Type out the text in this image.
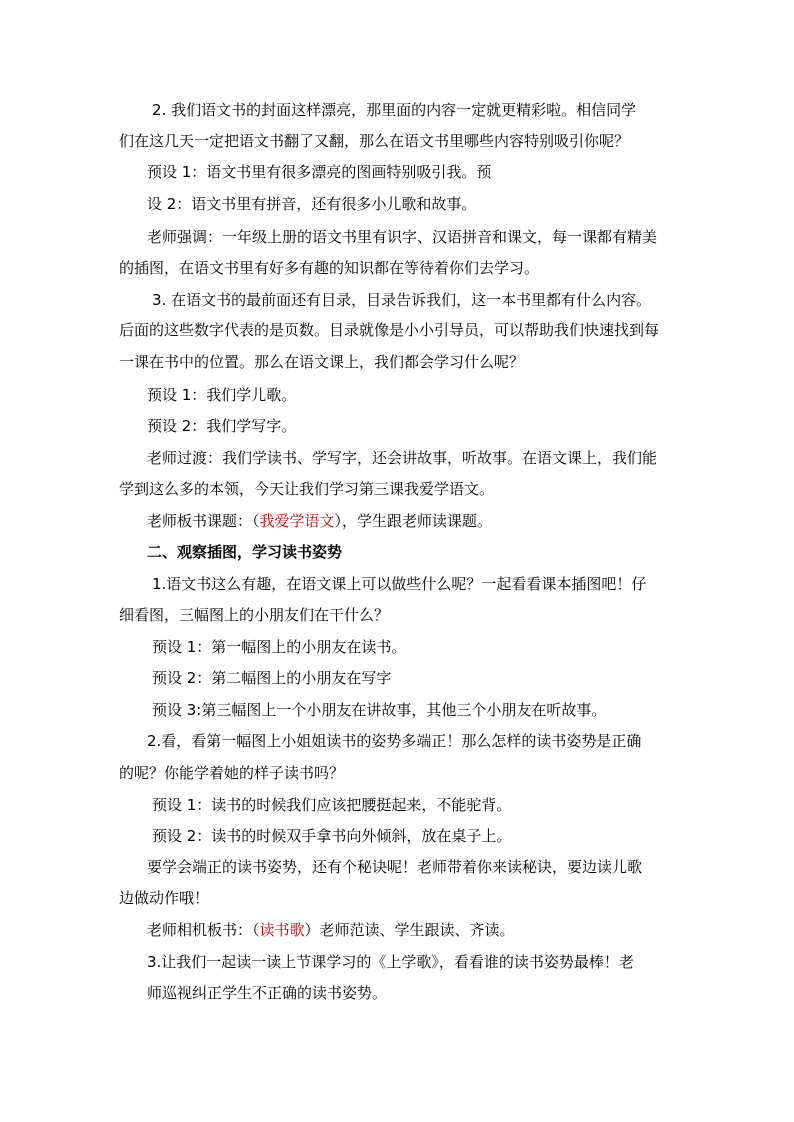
2. 我们语文书的封面这样漂亮，那里面的内容一定就更精彩啦。相信同学
们在这几天一定把语文书翻了又翻，那么在语文书里哪些内容特别吸引你呢？
预设 1：语文书里有很多漂亮的图画特别吸引我。预
设 2：语文书里有拼音，还有很多小儿歌和故事。
老师强调：一年级上册的语文书里有识字、汉语拼音和课文，每一课都有精美
的插图，在语文书里有好多有趣的知识都在等待着你们去学习。
3. 在语文书的最前面还有目录，目录告诉我们，这一本书里都有什么内容。
后面的这些数字代表的是页数。目录就像是小小引导员，可以帮助我们快速找到每
一课在书中的位置。那么在语文课上，我们都会学习什么呢？
预设 1：我们学儿歌。
预设 2：我们学写字。
老师过渡：我们学读书、学写字，还会讲故事，听故事。在语文课上，我们能
学到这么多的本领，今天让我们学习第三课我爱学语文。
老师板书课题：（我爱学语文），学生跟老师读课题。
二、观察插图，学习读书姿势
1.语文书这么有趣，在语文课上可以做些什么呢？一起看看课本插图吧！仔
细看图，三幅图上的小朋友们在干什么？
预设 1：第一幅图上的小朋友在读书。
预设 2：第二幅图上的小朋友在写字
预设 3:第三幅图上一个小朋友在讲故事，其他三个小朋友在听故事。
2.看，看第一幅图上小姐姐读书的姿势多端正！那么怎样的读书姿势是正确
的呢？你能学着她的样子读书吗？
预设 1：读书的时候我们应该把腰挺起来，不能驼背。
预设 2：读书的时候双手拿书向外倾斜，放在桌子上。
要学会端正的读书姿势，还有个秘诀呢！老师带着你来读秘诀，要边读儿歌
边做动作哦！
老师相机板书：（读书歌）老师范读、学生跟读、齐读。
3.让我们一起读一读上节课学习的《上学歌》，看看谁的读书姿势最棒！老
师巡视纠正学生不正确的读书姿势。
